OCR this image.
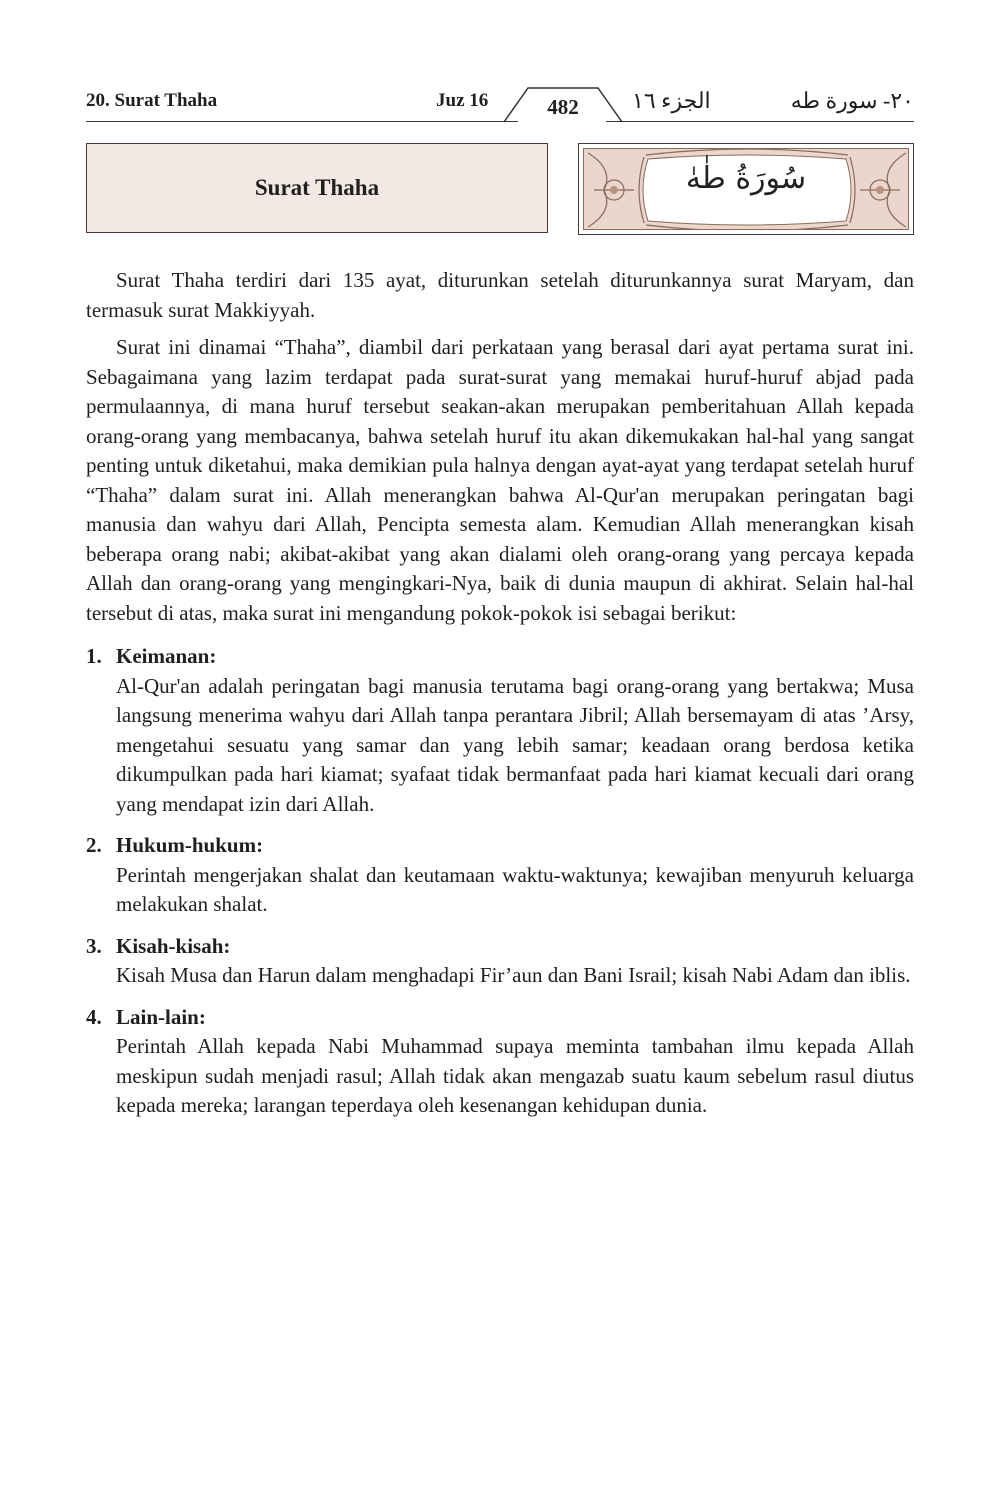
20. Surat Thaha	Juz 16	482	الجزء ١٦	٢٠- سورة طه
Surat Thaha	سُورَةُ طٰهٰ

Surat Thaha terdiri dari 135 ayat, diturunkan setelah diturunkannya surat Maryam, dan termasuk surat Makkiyyah.

Surat ini dinamai “Thaha”, diambil dari perkataan yang berasal dari ayat pertama surat ini. Sebagaimana yang lazim terdapat pada surat-surat yang memakai huruf-huruf abjad pada permulaannya, di mana huruf tersebut seakan-akan merupakan pemberitahuan Allah kepada orang-orang yang membacanya, bahwa setelah huruf itu akan dikemukakan hal-hal yang sangat penting untuk diketahui, maka demikian pula halnya dengan ayat-ayat yang terdapat setelah huruf “Thaha” dalam surat ini. Allah menerangkan bahwa Al-Qur'an merupakan peringatan bagi manusia dan wahyu dari Allah, Pencipta semesta alam. Kemudian Allah menerangkan kisah beberapa orang nabi; akibat-akibat yang akan dialami oleh orang-orang yang percaya kepada Allah dan orang-orang yang mengingkari-Nya, baik di dunia maupun di akhirat. Selain hal-hal tersebut di atas, maka surat ini mengandung pokok-pokok isi sebagai berikut:

1. Keimanan:
Al-Qur'an adalah peringatan bagi manusia terutama bagi orang-orang yang bertakwa; Musa langsung menerima wahyu dari Allah tanpa perantara Jibril; Allah bersemayam di atas ’Arsy, mengetahui sesuatu yang samar dan yang lebih samar; keadaan orang berdosa ketika dikumpulkan pada hari kiamat; syafaat tidak bermanfaat pada hari kiamat kecuali dari orang yang mendapat izin dari Allah.
2. Hukum-hukum:
Perintah mengerjakan shalat dan keutamaan waktu-waktunya; kewajiban menyuruh keluarga melakukan shalat.
3. Kisah-kisah:
Kisah Musa dan Harun dalam menghadapi Fir’aun dan Bani Israil; kisah Nabi Adam dan iblis.
4. Lain-lain:
Perintah Allah kepada Nabi Muhammad supaya meminta tambahan ilmu kepada Allah meskipun sudah menjadi rasul; Allah tidak akan mengazab suatu kaum sebelum rasul diutus kepada mereka; larangan teperdaya oleh kesenangan kehidupan dunia.
